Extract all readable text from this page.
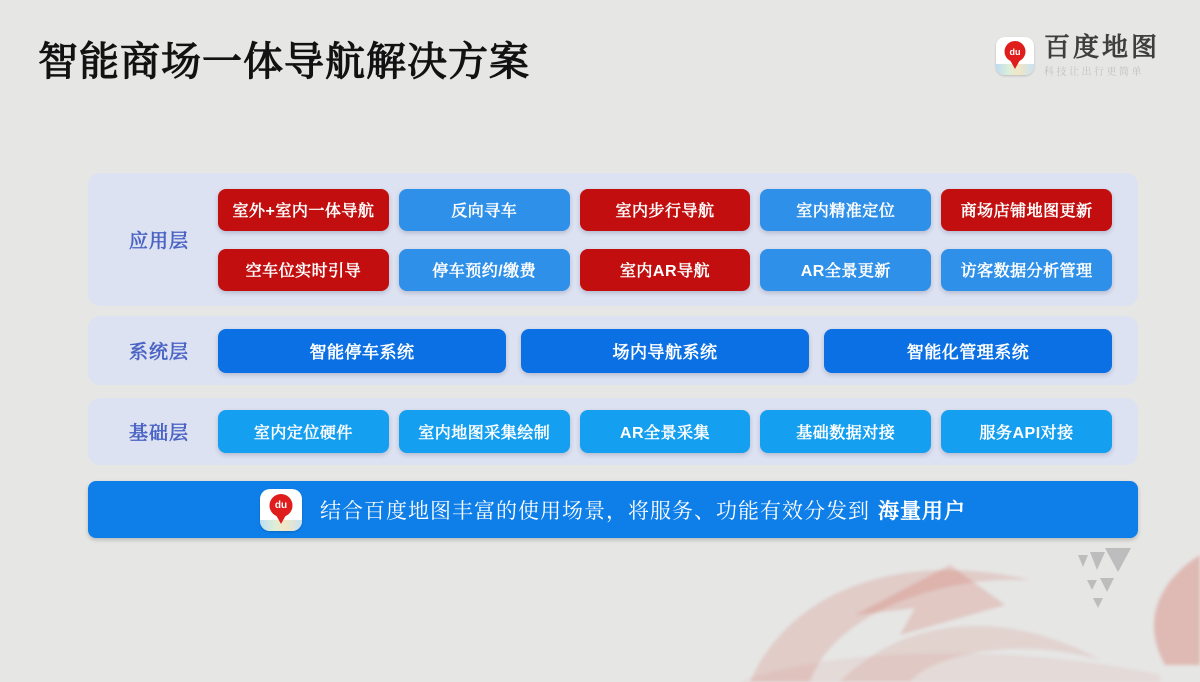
智能商场一体导航解决方案	du 百度地图
科技让出行更简单
应用层
室外+室内一体导航	反向寻车	室内步行导航	室内精准定位	商场店铺地图更新
空车位实时引导	停车预约/缴费	室内AR导航	AR全景更新	访客数据分析管理
系统层	智能停车系统	场内导航系统	智能化管理系统
基础层	室内定位硬件	室内地图采集绘制	AR全景采集	基础数据对接	服务API对接
du 结合百度地图丰富的使用场景，将服务、功能有效分发到 海量用户
